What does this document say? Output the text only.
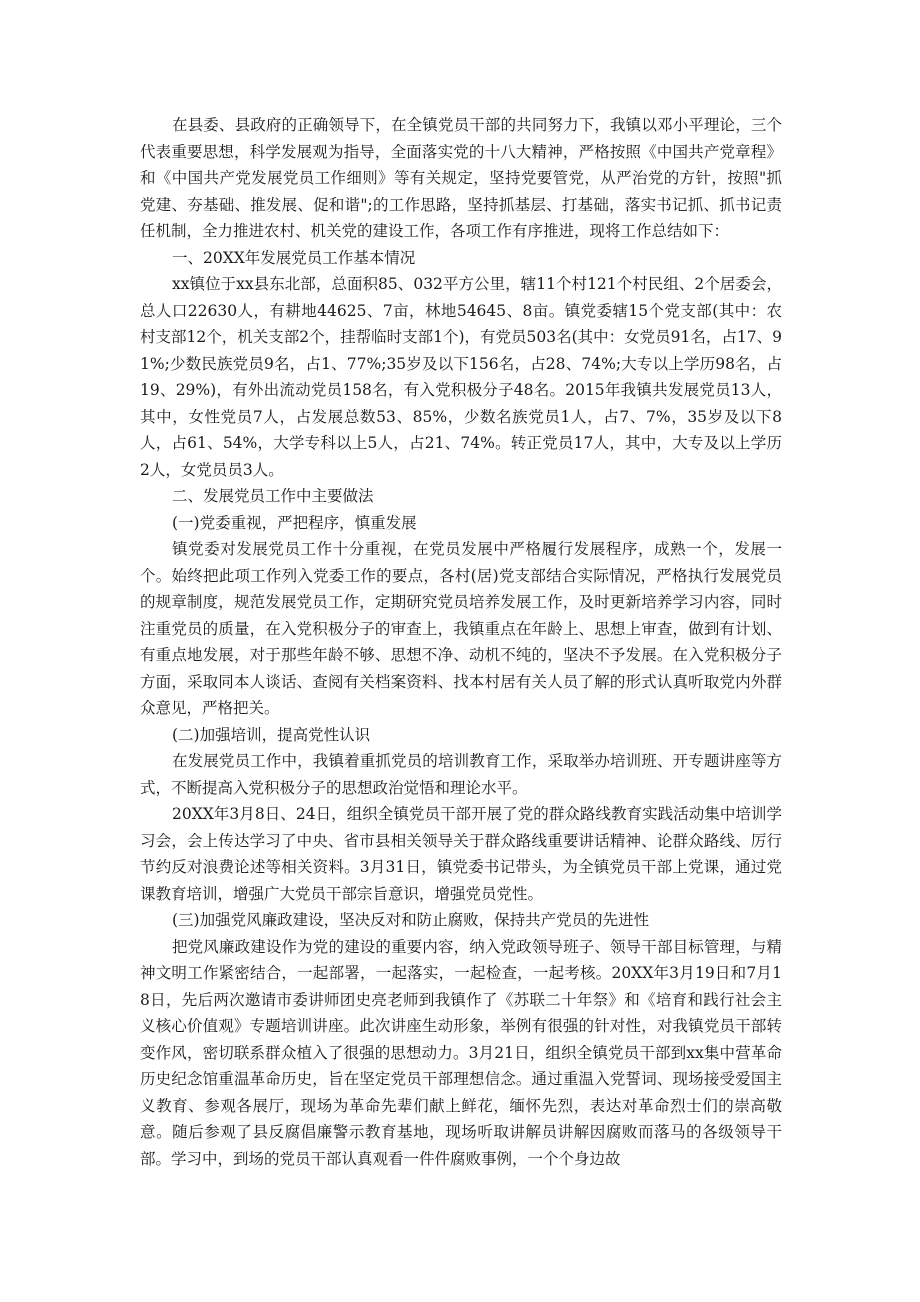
在县委、县政府的正确领导下，在全镇党员干部的共同努力下，我镇以邓小平理论，三个代表重要思想，科学发展观为指导，全面落实党的十八大精神，严格按照《中国共产党章程》和《中国共产党发展党员工作细则》等有关规定，坚持党要管党，从严治党的方针，按照"抓党建、夯基础、推发展、促和谐";的工作思路，坚持抓基层、打基础，落实书记抓、抓书记责任机制，全力推进农村、机关党的建设工作，各项工作有序推进，现将工作总结如下：

一、20XX年发展党员工作基本情况

xx镇位于xx县东北部，总面积85、032平方公里，辖11个村121个村民组、2个居委会，总人口22630人，有耕地44625、7亩，林地54645、8亩。镇党委辖15个党支部(其中：农村支部12个，机关支部2个，挂帮临时支部1个)，有党员503名(其中：女党员91名，占17、91%;少数民族党员9名，占1、77%;35岁及以下156名，占28、74%;大专以上学历98名，占19、29%)，有外出流动党员158名，有入党积极分子48名。2015年我镇共发展党员13人，其中，女性党员7人，占发展总数53、85%，少数名族党员1人，占7、7%，35岁及以下8人，占61、54%，大学专科以上5人，占21、74%。转正党员17人，其中，大专及以上学历2人，女党员员3人。

二、发展党员工作中主要做法

(一)党委重视，严把程序，慎重发展

镇党委对发展党员工作十分重视，在党员发展中严格履行发展程序，成熟一个，发展一个。始终把此项工作列入党委工作的要点，各村(居)党支部结合实际情况，严格执行发展党员的规章制度，规范发展党员工作，定期研究党员培养发展工作，及时更新培养学习内容，同时注重党员的质量，在入党积极分子的审查上，我镇重点在年龄上、思想上审查，做到有计划、有重点地发展，对于那些年龄不够、思想不净、动机不纯的，坚决不予发展。在入党积极分子方面，采取同本人谈话、查阅有关档案资料、找本村居有关人员了解的形式认真听取党内外群众意见，严格把关。

(二)加强培训，提高党性认识

在发展党员工作中，我镇着重抓党员的培训教育工作，采取举办培训班、开专题讲座等方式，不断提高入党积极分子的思想政治觉悟和理论水平。

20XX年3月8日、24日，组织全镇党员干部开展了党的群众路线教育实践活动集中培训学习会，会上传达学习了中央、省市县相关领导关于群众路线重要讲话精神、论群众路线、厉行节约反对浪费论述等相关资料。3月31日，镇党委书记带头，为全镇党员干部上党课，通过党课教育培训，增强广大党员干部宗旨意识，增强党员党性。

(三)加强党风廉政建设，坚决反对和防止腐败，保持共产党员的先进性

把党风廉政建设作为党的建设的重要内容，纳入党政领导班子、领导干部目标管理，与精神文明工作紧密结合，一起部署，一起落实，一起检查，一起考核。20XX年3月19日和7月18日，先后两次邀请市委讲师团史亮老师到我镇作了《苏联二十年祭》和《培育和践行社会主义核心价值观》专题培训讲座。此次讲座生动形象，举例有很强的针对性，对我镇党员干部转变作风，密切联系群众植入了很强的思想动力。3月21日，组织全镇党员干部到xx集中营革命历史纪念馆重温革命历史，旨在坚定党员干部理想信念。通过重温入党誓词、现场接受爱国主义教育、参观各展厅，现场为革命先辈们献上鲜花，缅怀先烈，表达对革命烈士们的崇高敬意。随后参观了县反腐倡廉警示教育基地，现场听取讲解员讲解因腐败而落马的各级领导干部。学习中，到场的党员干部认真观看一件件腐败事例，一个个身边故
